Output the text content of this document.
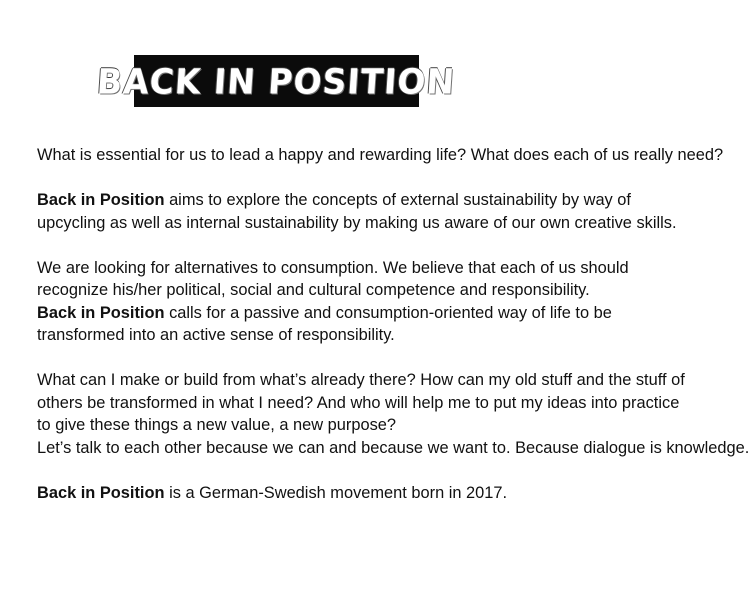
BACK IN POSITION

What is essential for us to lead a happy and rewarding life? What does each of us really need?

Back in Position aims to explore the concepts of external sustainability by way of
upcycling as well as internal sustainability by making us aware of our own creative skills.

We are looking for alternatives to consumption. We believe that each of us should
recognize his/her political, social and cultural competence and responsibility.

Back in Position calls for a passive and consumption-oriented way of life to be
transformed into an active sense of responsibility.

What can I make or build from what’s already there? How can my old stuff and the stuff of
others be transformed in what I need? And who will help me to put my ideas into practice
to give these things a new value, a new purpose?
Let’s talk to each other because we can and because we want to. Because dialogue is knowledge.

Back in Position is a German-Swedish movement born in 2017.
